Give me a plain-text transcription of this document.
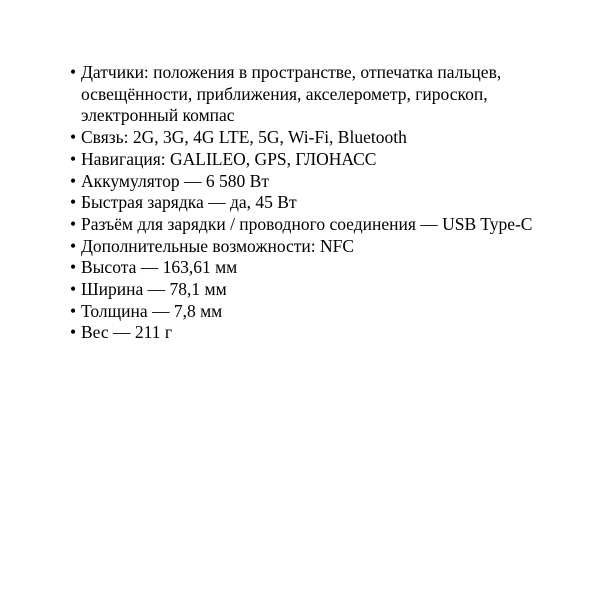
• Датчики: положения в пространстве, отпечатка пальцев, освещённости, приближения, акселерометр, гироскоп, электронный компас
• Связь: 2G, 3G, 4G LTE, 5G, Wi-Fi, Bluetooth
• Навигация: GALILEO, GPS, ГЛОНАСС
• Аккумулятор — 6 580 Вт
• Быстрая зарядка — да, 45 Вт
• Разъём для зарядки / проводного соединения — USB Type-C
• Дополнительные возможности: NFC
• Высота — 163,61 мм
• Ширина — 78,1 мм
• Толщина — 7,8 мм
• Вес — 211 г
